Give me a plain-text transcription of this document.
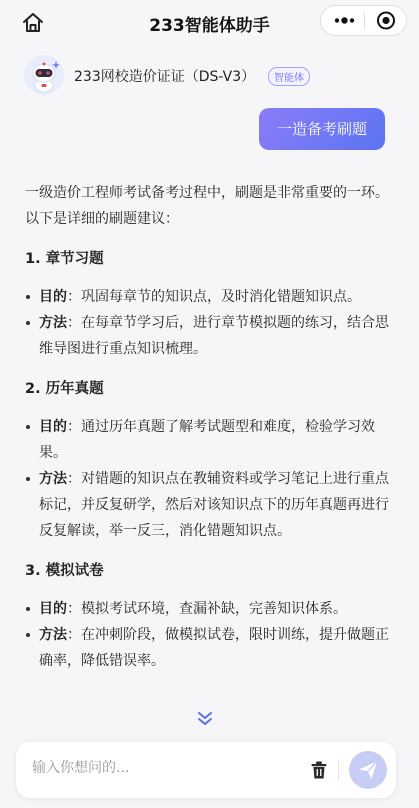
233智能体助手
233网校造价证证（DS-V3）	智能体
一造备考刷题

一级造价工程师考试备考过程中，刷题是非常重要的一环。以下是详细的刷题建议：

1. 章节习题
目的：巩固每章节的知识点，及时消化错题知识点。
方法：在每章节学习后，进行章节模拟题的练习，结合思维导图进行重点知识梳理。
2. 历年真题
目的：通过历年真题了解考试题型和难度，检验学习效果。
方法：对错题的知识点在教辅资料或学习笔记上进行重点标记，并反复研学，然后对该知识点下的历年真题再进行反复解读，举一反三，消化错题知识点。
3. 模拟试卷
目的：模拟考试环境，查漏补缺，完善知识体系。
方法：在冲刺阶段，做模拟试卷，限时训练，提升做题正确率，降低错误率。
输入你想问的...
